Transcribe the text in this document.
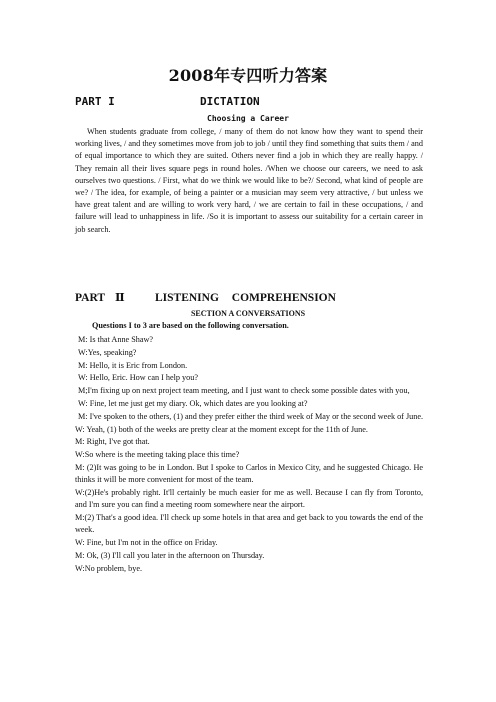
2008年专四听力答案
PART I	DICTATION
Choosing a Career

When students graduate from college, / many of them do not know how they want to spend their working lives, / and they sometimes move from job to job / until they find something that suits them / and of equal importance to which they are suited. Others never find a job in which they are really happy. / They remain all their lives square pegs in round holes. /When we choose our careers, we need to ask ourselves two questions. / First, what do we think we would like to be?/ Second, what kind of people are we? / The idea, for example, of being a painter or a musician may seem very attractive, / but unless we have great talent and are willing to work very hard, / we are certain to fail in these occupations, / and failure will lead to unhappiness in life. /So it is important to assess our suitability for a certain career in job search.

PART Ⅱ	LISTENING COMPREHENSION
SECTION A CONVERSATIONS
Questions I to 3 are based on the following conversation.
M: Is that Anne Shaw?
W:Yes, speaking?
M: Hello, it is Eric from London.
W: Hello, Eric. How can I help you?
M;I'm fixing up on next project team meeting, and I just want to check some possible dates with you,
W: Fine, let me just get my diary. Ok, which dates are you looking at?
M: I've spoken to the others, (1) and they prefer either the third week of May or the second week of June.
W: Yeah, (1) both of the weeks are pretty clear at the moment except for the 11th of June.
M: Right, I've got that.
W:So where is the meeting taking place this time?
M: (2)It was going to be in London. But I spoke to Carlos in Mexico City, and he suggested Chicago. He thinks it will be more convenient for most of the team.
W:(2)He's probably right. It'll certainly be much easier for me as well. Because I can fly from Toronto, and I'm sure you can find a meeting room somewhere near the airport.
M:(2) That's a good idea. I'll check up some hotels in that area and get back to you towards the end of the week.
W: Fine, but I'm not in the office on Friday.
M: Ok, (3) I'll call you later in the afternoon on Thursday.
W:No problem, bye.
